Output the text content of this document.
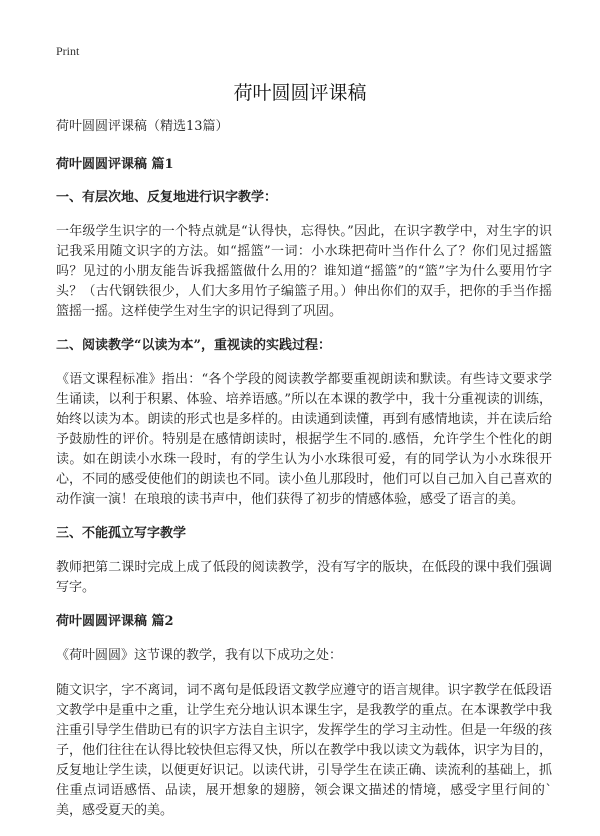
Print
荷叶圆圆评课稿

荷叶圆圆评课稿（精选13篇）

荷叶圆圆评课稿 篇1

一、有层次地、反复地进行识字教学：

一年级学生识字的一个特点就是“认得快，忘得快。”因此，在识字教学中，对生字的识记我采用随文识字的方法。如“摇篮”一词：小水珠把荷叶当作什么了？你们见过摇篮吗？见过的小朋友能告诉我摇篮做什么用的？谁知道“摇篮”的“篮”字为什么要用竹字头？（古代钢铁很少，人们大多用竹子编篮子用。）伸出你们的双手，把你的手当作摇篮摇一摇。这样使学生对生字的识记得到了巩固。

二、阅读教学“以读为本”，重视读的实践过程：

《语文课程标准》指出：“各个学段的阅读教学都要重视朗读和默读。有些诗文要求学生诵读，以利于积累、体验、培养语感。”所以在本课的教学中，我十分重视读的训练，始终以读为本。朗读的形式也是多样的。由读通到读懂，再到有感情地读，并在读后给予鼓励性的评价。特别是在感情朗读时，根据学生不同的.感悟，允许学生个性化的朗读。如在朗读小水珠一段时，有的学生认为小水珠很可爱，有的同学认为小水珠很开心，不同的感受使他们的朗读也不同。读小鱼儿那段时，他们可以自己加入自己喜欢的动作演一演！在琅琅的读书声中，他们获得了初步的情感体验，感受了语言的美。

三、不能孤立写字教学

教师把第二课时完成上成了低段的阅读教学，没有写字的版块，在低段的课中我们强调写字。

荷叶圆圆评课稿 篇2

《荷叶圆圆》这节课的教学，我有以下成功之处：

随文识字，字不离词，词不离句是低段语文教学应遵守的语言规律。识字教学在低段语文教学中是重中之重，让学生充分地认识本课生字，是我教学的重点。在本课教学中我注重引导学生借助已有的识字方法自主识字，发挥学生的学习主动性。但是一年级的孩子，他们往往在认得比较快但忘得又快，所以在教学中我以读文为载体，识字为目的，反复地让学生读，以便更好识记。以读代讲，引导学生在读正确、读流利的基础上，抓住重点词语感悟、品读，展开想象的翅膀，领会课文描述的情境，感受字里行间的`美，感受夏天的美。
